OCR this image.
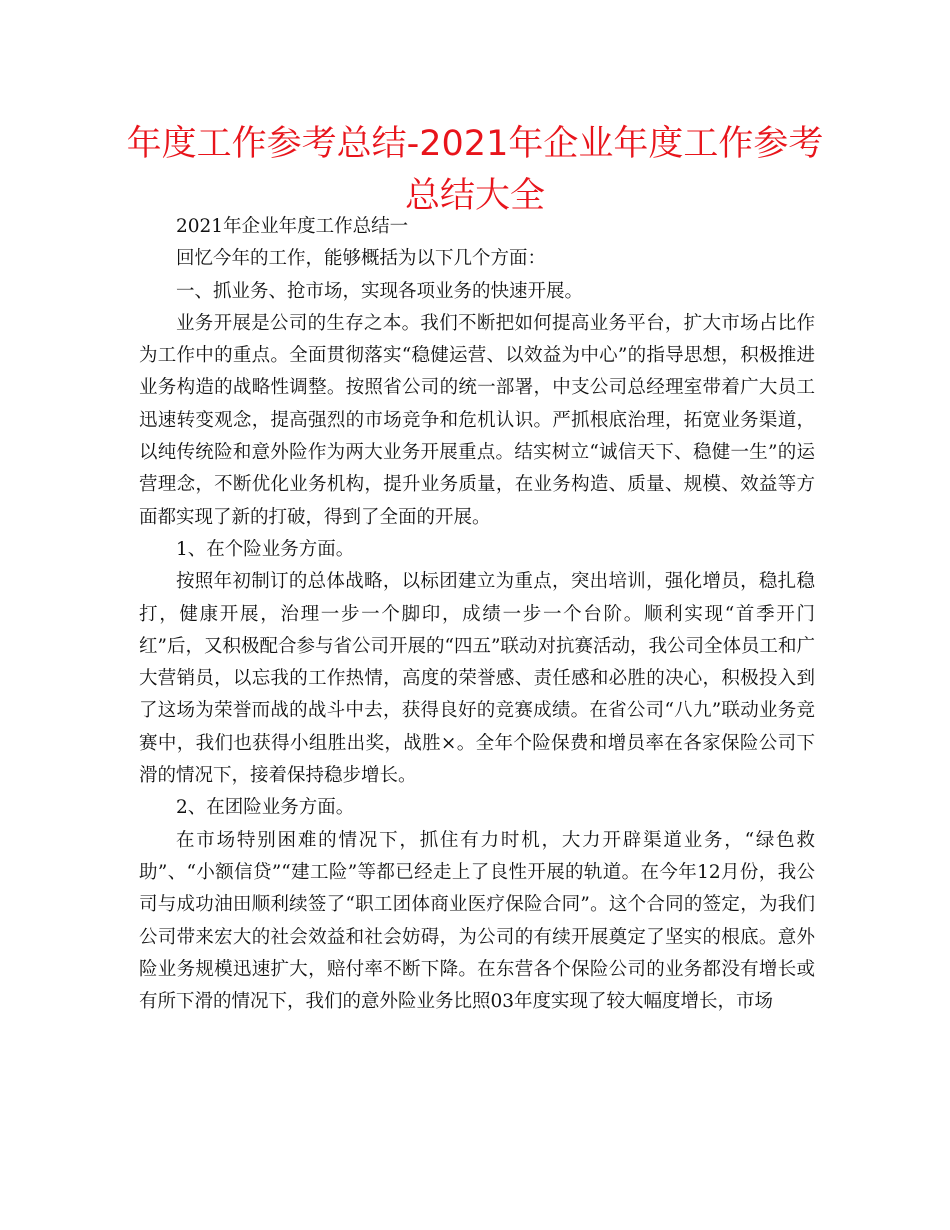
年度工作参考总结-2021年企业年度工作参考总结大全

2021年企业年度工作总结一

回忆今年的工作，能够概括为以下几个方面：

一、抓业务、抢市场，实现各项业务的快速开展。

业务开展是公司的生存之本。我们不断把如何提高业务平台，扩大市场占比作为工作中的重点。全面贯彻落实“稳健运营、以效益为中心”的指导思想，积极推进业务构造的战略性调整。按照省公司的统一部署，中支公司总经理室带着广大员工迅速转变观念，提高强烈的市场竞争和危机认识。严抓根底治理，拓宽业务渠道，以纯传统险和意外险作为两大业务开展重点。结实树立“诚信天下、稳健一生”的运营理念，不断优化业务机构，提升业务质量，在业务构造、质量、规模、效益等方面都实现了新的打破，得到了全面的开展。

1、在个险业务方面。

按照年初制订的总体战略，以标团建立为重点，突出培训，强化增员，稳扎稳打，健康开展，治理一步一个脚印，成绩一步一个台阶。顺利实现“首季开门红”后，又积极配合参与省公司开展的“四五”联动对抗赛活动，我公司全体员工和广大营销员，以忘我的工作热情，高度的荣誉感、责任感和必胜的决心，积极投入到了这场为荣誉而战的战斗中去，获得良好的竞赛成绩。在省公司“八九”联动业务竞赛中，我们也获得小组胜出奖，战胜×。全年个险保费和增员率在各家保险公司下滑的情况下，接着保持稳步增长。

2、在团险业务方面。

在市场特别困难的情况下，抓住有力时机，大力开辟渠道业务，“绿色救助”、“小额信贷”“建工险”等都已经走上了良性开展的轨道。在今年12月份，我公司与成功油田顺利续签了“职工团体商业医疗保险合同”。这个合同的签定，为我们公司带来宏大的社会效益和社会妨碍，为公司的有续开展奠定了坚实的根底。意外险业务规模迅速扩大，赔付率不断下降。在东营各个保险公司的业务都没有增长或有所下滑的情况下，我们的意外险业务比照03年度实现了较大幅度增长，市场
